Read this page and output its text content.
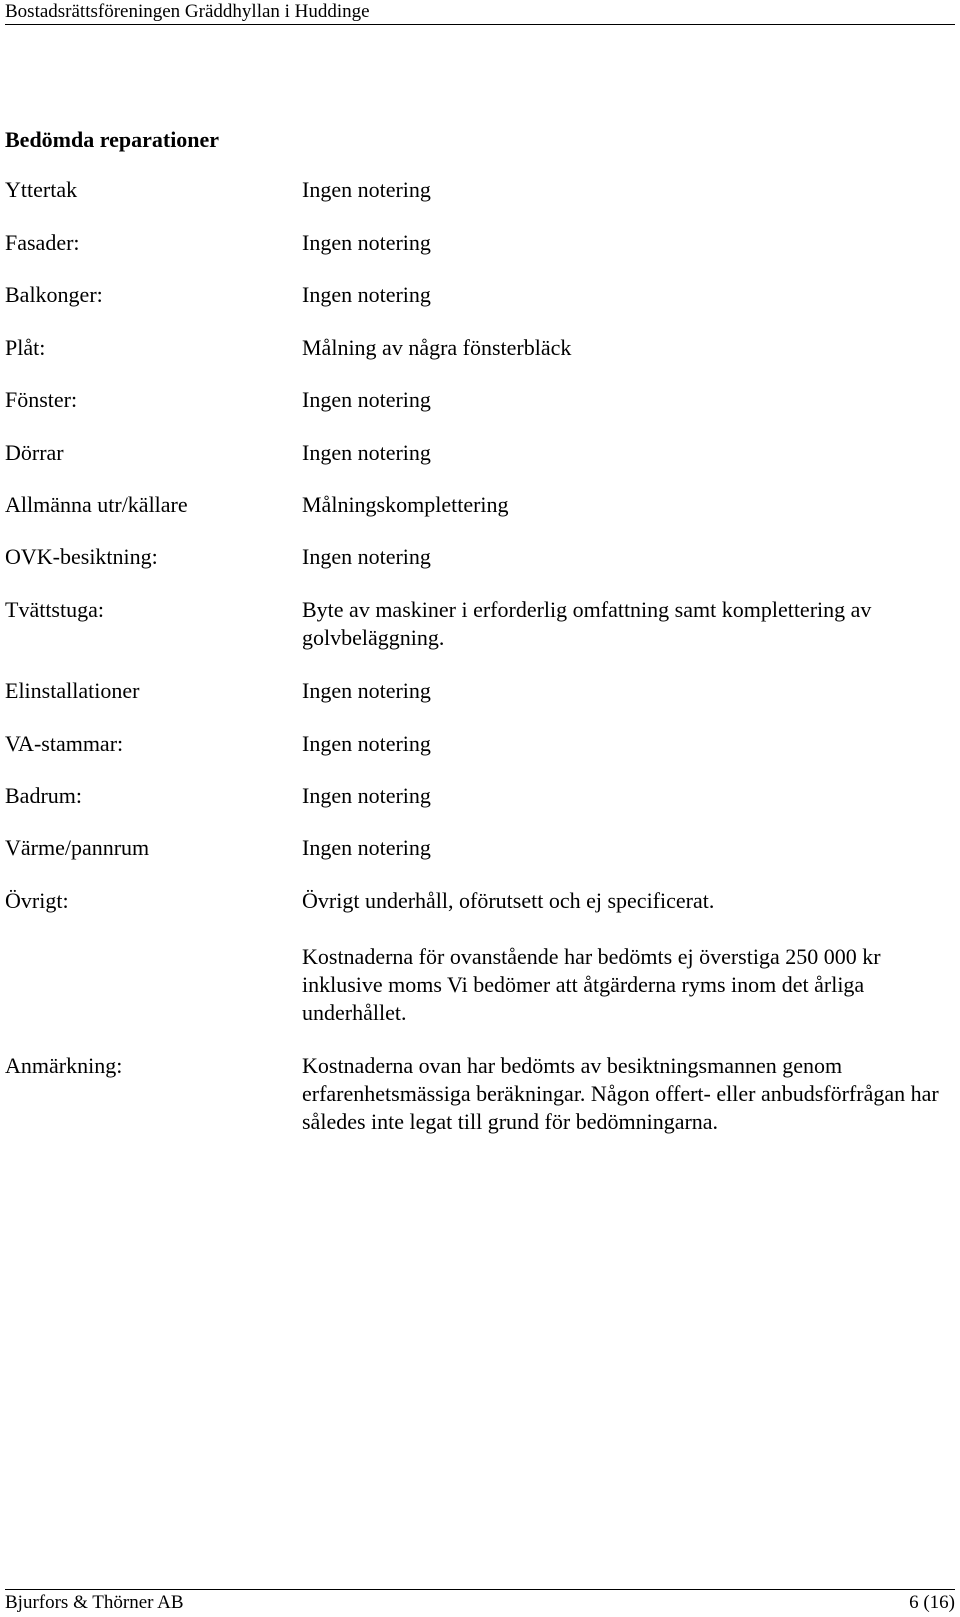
Bostadsrättsföreningen Gräddhyllan i Huddinge
Bedömda reparationer
Yttertak	Ingen notering
Fasader:	Ingen notering
Balkonger:	Ingen notering
Plåt:	Målning av några fönsterbläck
Fönster:	Ingen notering
Dörrar	Ingen notering
Allmänna utr/källare	Målningskomplettering
OVK-besiktning:	Ingen notering
Tvättstuga:	Byte av maskiner i erforderlig omfattning samt komplettering av golvbeläggning.
Elinstallationer	Ingen notering
VA-stammar:	Ingen notering
Badrum:	Ingen notering
Värme/pannrum	Ingen notering
Övrigt:	Övrigt underhåll, oförutsett och ej specificerat.
Kostnaderna för ovanstående har bedömts ej överstiga 250 000 kr inklusive moms Vi bedömer att åtgärderna ryms inom det årliga underhållet.
Anmärkning:	Kostnaderna ovan har bedömts av besiktningsmannen genom erfarenhetsmässiga beräkningar. Någon offert- eller anbudsförfrågan har således inte legat till grund för bedömningarna.
Bjurfors & Thörner AB	6 (16)
